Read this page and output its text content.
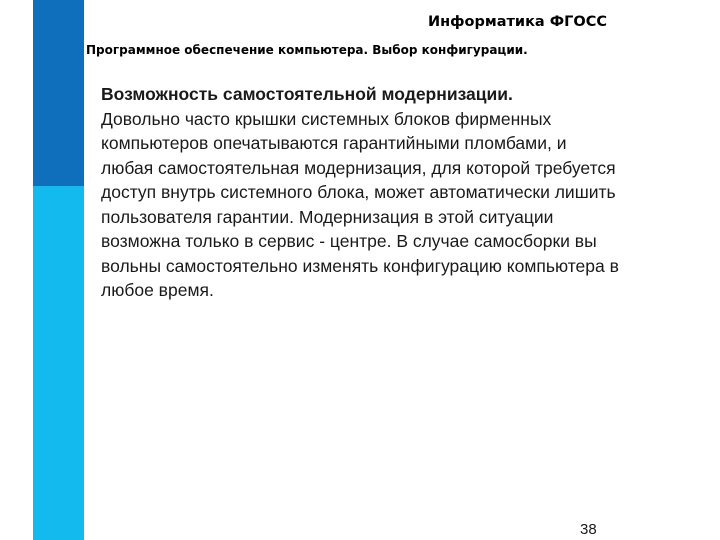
Информатика ФГОСС
Программное обеспечение компьютера. Выбор конфигурации.
Возможность самостоятельной модернизации.
Довольно часто крышки системных блоков фирменных
компьютеров опечатываются гарантийными пломбами, и
любая самостоятельная модернизация, для которой требуется
доступ внутрь системного блока, может автоматически лишить
пользователя гарантии. Модернизация в этой ситуации
возможна только в сервис - центре. В случае самосборки вы
вольны самостоятельно изменять конфигурацию компьютера в
любое время.
38
